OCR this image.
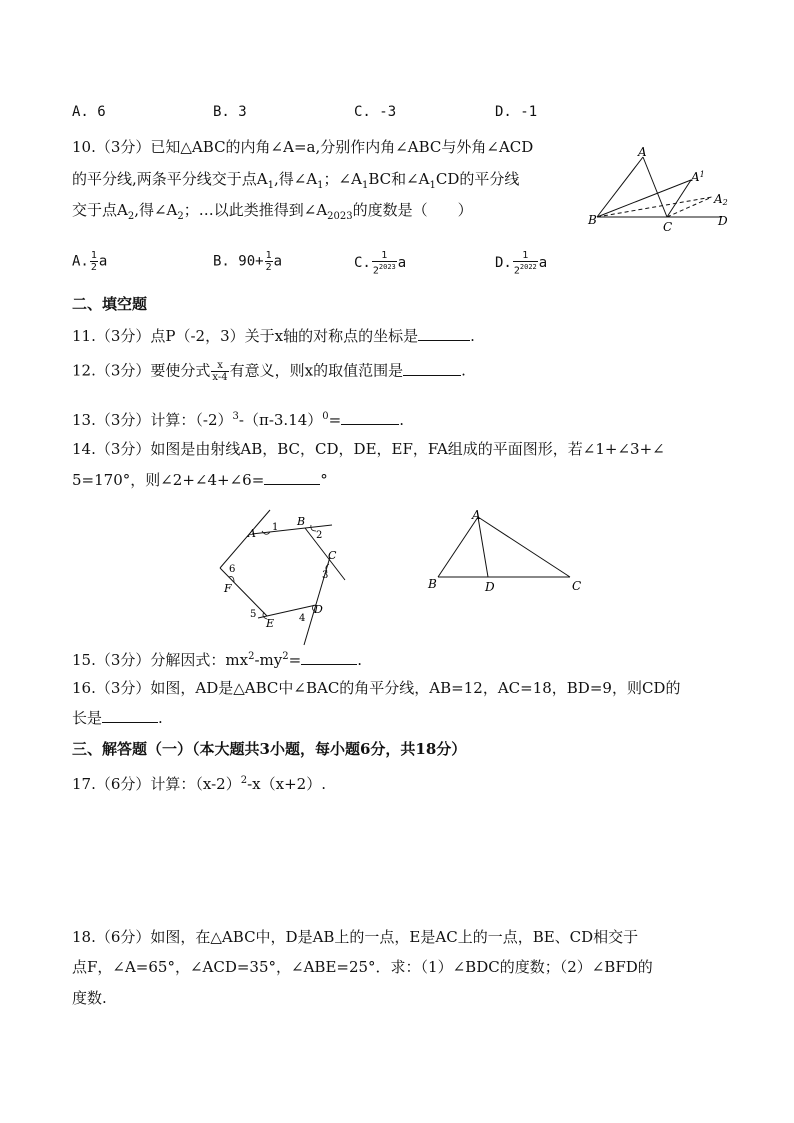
A. 6	B. 3	C. -3	D. -1
10.（3分）已知△ABC的内角∠A=a,分别作内角∠ABC与外角∠ACD
的平分线,两条平分线交于点$A_1$,得$\angle A_1$；$\angle A_1BC$和$\angle A_1CD$的平分线
交于点$A_2$,得$\angle A_2$；…以此类推得到$\angle A_{2023}$的度数是（　　）
A
$A^1$
A2
B	C	D
A. $\frac{1}{2}$ a	B. $90+ \frac{1}{2}$ a	C. $\frac{1}{2^{2023}}$ a	D. $\frac{1}{2^{2022}}$ a
二、填空题
11.（3分）点P（-2，3）关于x轴的对称点的坐标是	.
12.（3分）要使分式 $\frac{x}{x-4}$ 有意义，则x的取值范围是	.
13.（3分）计算：$(-2)^3-(\pi-3.14)^0=$	.
14.（3分）如图是由射线AB，BC，CD，DE，EF，FA组成的平面图形，若∠1+∠3+∠
5=170°，则∠2+∠4+∠6=	°
A
B
C
D
E
F
1
2
3
4
5
6
A
B	D	C
15.（3分）分解因式：$mx^2-my^2=$	.
16.（3分）如图，AD是△ABC中∠BAC的角平分线，AB=12，AC=18，BD=9，则CD的
长是	.
三、解答题（一）（本大题共3小题，每小题6分，共18分）
17.（6分）计算：$(x-2)^2-x(x+2)$.
18.（6分）如图，在△ABC中，D是AB上的一点，E是AC上的一点，BE、CD相交于
点F，∠A=65°，∠ACD=35°，∠ABE=25°．求：（1）∠BDC的度数；（2）∠BFD的
度数.
